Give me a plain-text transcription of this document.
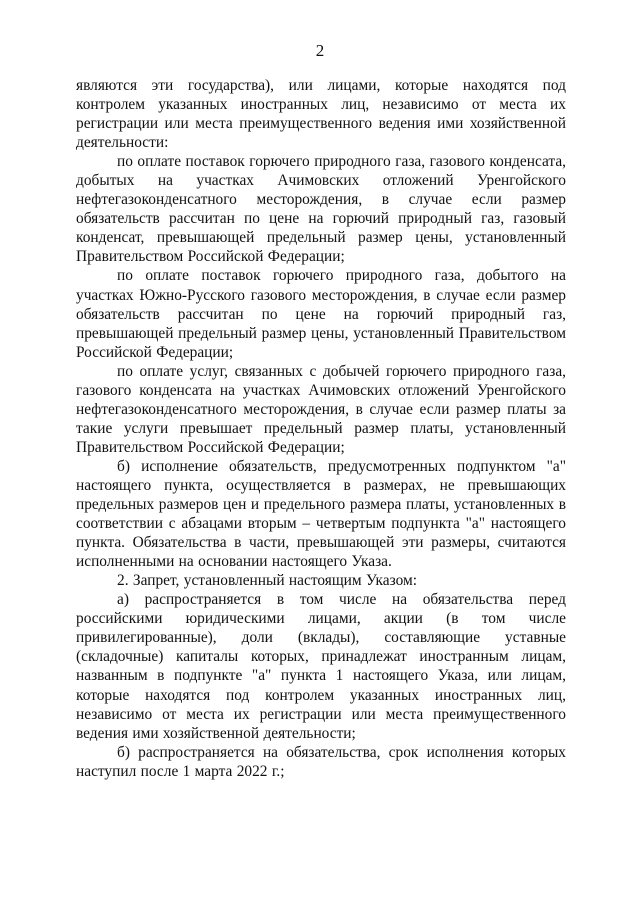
2

являются эти государства), или лицами, которые находятся под контролем указанных иностранных лиц, независимо от места их регистрации или места преимущественного ведения ими хозяйственной деятельности:

по оплате поставок горючего природного газа, газового конденсата, добытых на участках Ачимовских отложений Уренгойского нефтегазоконденсатного месторождения, в случае если размер обязательств рассчитан по цене на горючий природный газ, газовый конденсат, превышающей предельный размер цены, установленный Правительством Российской Федерации;

по оплате поставок горючего природного газа, добытого на участках Южно-Русского газового месторождения, в случае если размер обязательств рассчитан по цене на горючий природный газ, превышающей предельный размер цены, установленный Правительством Российской Федерации;

по оплате услуг, связанных с добычей горючего природного газа, газового конденсата на участках Ачимовских отложений Уренгойского нефтегазоконденсатного месторождения, в случае если размер платы за такие услуги превышает предельный размер платы, установленный Правительством Российской Федерации;

б) исполнение обязательств, предусмотренных подпунктом "а" настоящего пункта, осуществляется в размерах, не превышающих предельных размеров цен и предельного размера платы, установленных в соответствии с абзацами вторым – четвертым подпункта "а" настоящего пункта. Обязательства в части, превышающей эти размеры, считаются исполненными на основании настоящего Указа.

2. Запрет, установленный настоящим Указом:

а) распространяется в том числе на обязательства перед российскими юридическими лицами, акции (в том числе привилегированные), доли (вклады), составляющие уставные (складочные) капиталы которых, принадлежат иностранным лицам, названным в подпункте "а" пункта 1 настоящего Указа, или лицам, которые находятся под контролем указанных иностранных лиц, независимо от места их регистрации или места преимущественного ведения ими хозяйственной деятельности;

б) распространяется на обязательства, срок исполнения которых наступил после 1 марта 2022 г.;
